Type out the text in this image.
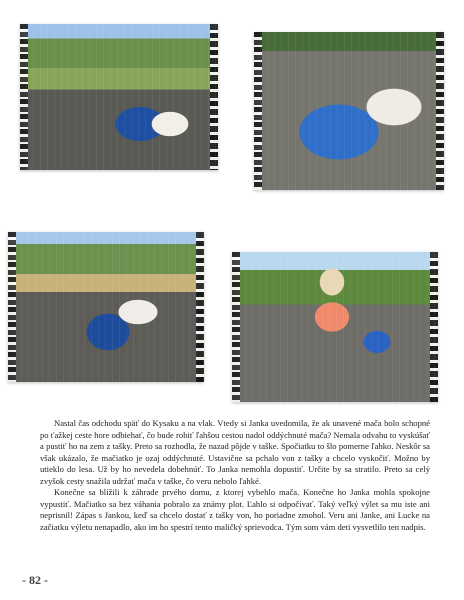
Nastal čas odchodu späť do Kysaku a na vlak. Vtedy si Janka uvedomila, že ak unavené mača bolo schopné po ťažkej ceste hore odbiehať, čo bude robiť ľahšou cestou nadol oddýchnuté mača? Nemala odvahu to vyskúšať a pustiť ho na zem z tašky. Preto sa rozhodla, že nazad pôjde v taške. Spočiatku to šlo pomerne ľahko. Neskôr sa však ukázalo, že mačiatko je ozaj oddýchnuté. Ustavične sa pchalo von z tašky a chcelo vyskočiť. Možno by utieklo do lesa. Už by ho nevedela dobehnúť. To Janka nemohla dopustiť. Určite by sa stratilo. Preto sa celý zvyšok cesty snažila udržať mača v taške, čo veru nebolo ľahké.

Konečne sa blížili k záhrade prvého domu, z ktorej vybehlo mača. Konečne ho Janka mohla spokojne vypustiť. Mačiatko sa bez váhania pobralo za známy plot. Ľahlo si odpočívať. Taký veľký výlet sa mu iste ani neprisnil! Zápas s Jankou, keď sa chcelo dostať z tašky von, ho poriadne zmohol. Veru ani Janke, ani Lucke na začiatku výletu nenapadlo, ako im ho spestrí tento maličký sprievodca. Tým som vám deti vysvetlilo ten nadpis.

- 82 -
